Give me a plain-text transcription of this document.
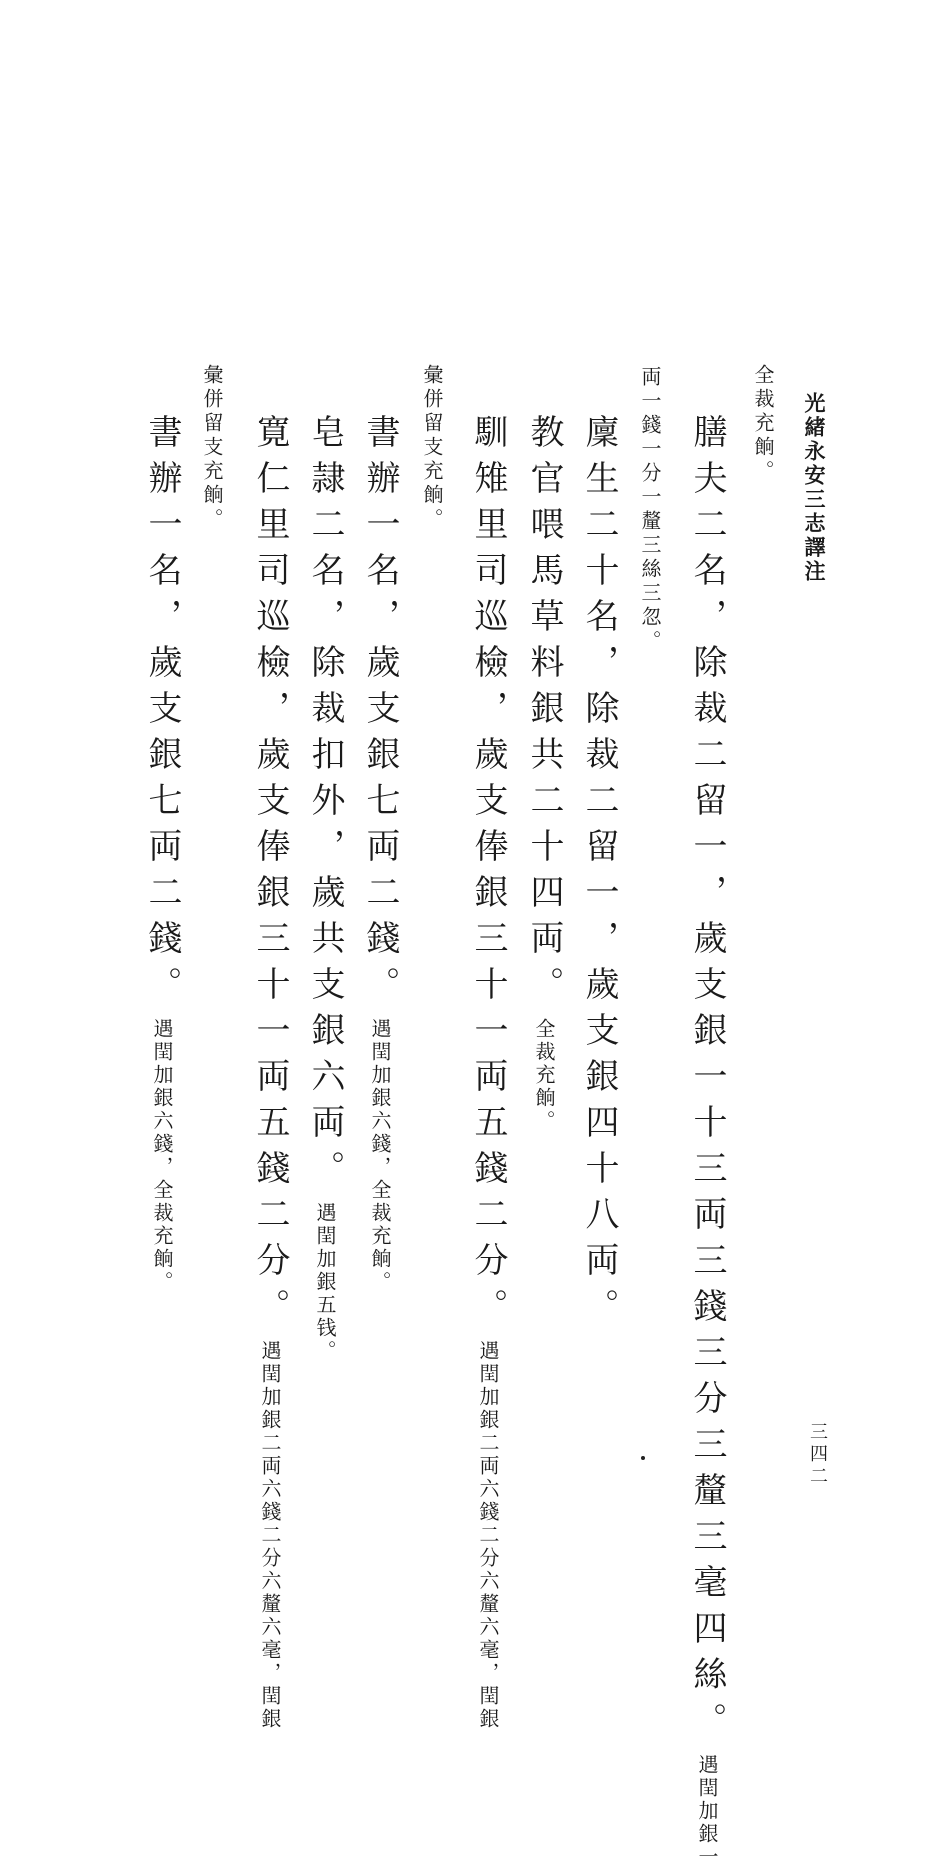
光緒永安三志譯注
三四二
全裁充餉。
膳夫二名，除裁二留一，歲支銀一十三両三錢三分三釐三毫四絲。遇閏加銀一
両一錢一分一釐三絲三忽。
廩生二十名，除裁二留一，歲支銀四十八両。
教官喂馬草料銀共二十四両。全裁充餉。
馴雉里司巡檢，歲支俸銀三十一両五錢二分。遇閏加銀二両六錢二分六釐六毫，閏銀
彙併留支充餉。
書辦一名，歲支銀七両二錢。遇閏加銀六錢，全裁充餉。
皂隷二名，除裁扣外，歲共支銀六両。遇閏加銀五钱。
寛仁里司巡檢，歲支俸銀三十一両五錢二分。遇閏加銀二両六錢二分六釐六毫，閏銀
彙併留支充餉。
書辦一名，歲支銀七両二錢。遇閏加銀六錢，全裁充餉。
